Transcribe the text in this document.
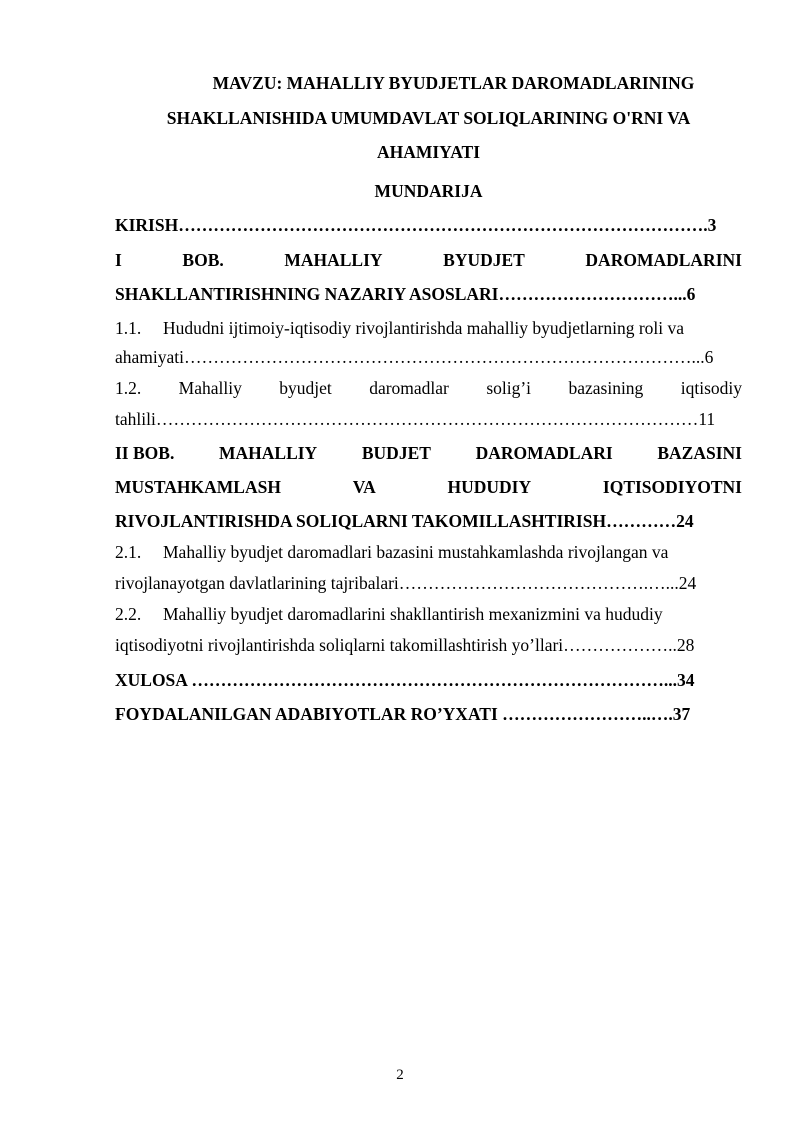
MAVZU: MAHALLIY BYUDJETLAR DAROMADLARINING
SHAKLLANISHIDA UMUMDAVLAT SOLIQLARINING O'RNI VA
AHAMIYATI
MUNDARIJA
KIRISH……………………………………………………………………………….3
I	BOB.	MAHALLIY	BYUDJET	DAROMADLARINI
SHAKLLANTIRISHNING NAZARIY ASOSLARI…………………………...6
1.1. Hududni ijtimoiy-iqtisodiy rivojlantirishda mahalliy byudjetlarning roli va
ahamiyati……………………………………………………………………………...6
1.2. Mahalliy byudjet daromadlar solig’i bazasining iqtisodiy
tahlili…………………………………………………………………………………11
II BOB.	MAHALLIY	BUDJET	DAROMADLARI	BAZASINI
MUSTAHKAMLASH	VA	HUDUDIY	IQTISODIYOTNI
RIVOJLANTIRISHDA SOLIQLARNI TAKOMILLASHTIRISH…………24
2.1. Mahalliy byudjet daromadlari bazasini mustahkamlashda rivojlangan va
rivojlanayotgan davlatlarining tajribalari…………………………………….…...24
2.2. Mahalliy byudjet daromadlarini shakllantirish mexanizmini va hududiy
iqtisodiyotni rivojlantirishda soliqlarni takomillashtirish yo’llari………………..28
XULOSA ………………………………………………………………………...34
FOYDALANILGAN ADABIYOTLAR RO’YXATI ……………………..….37
2
